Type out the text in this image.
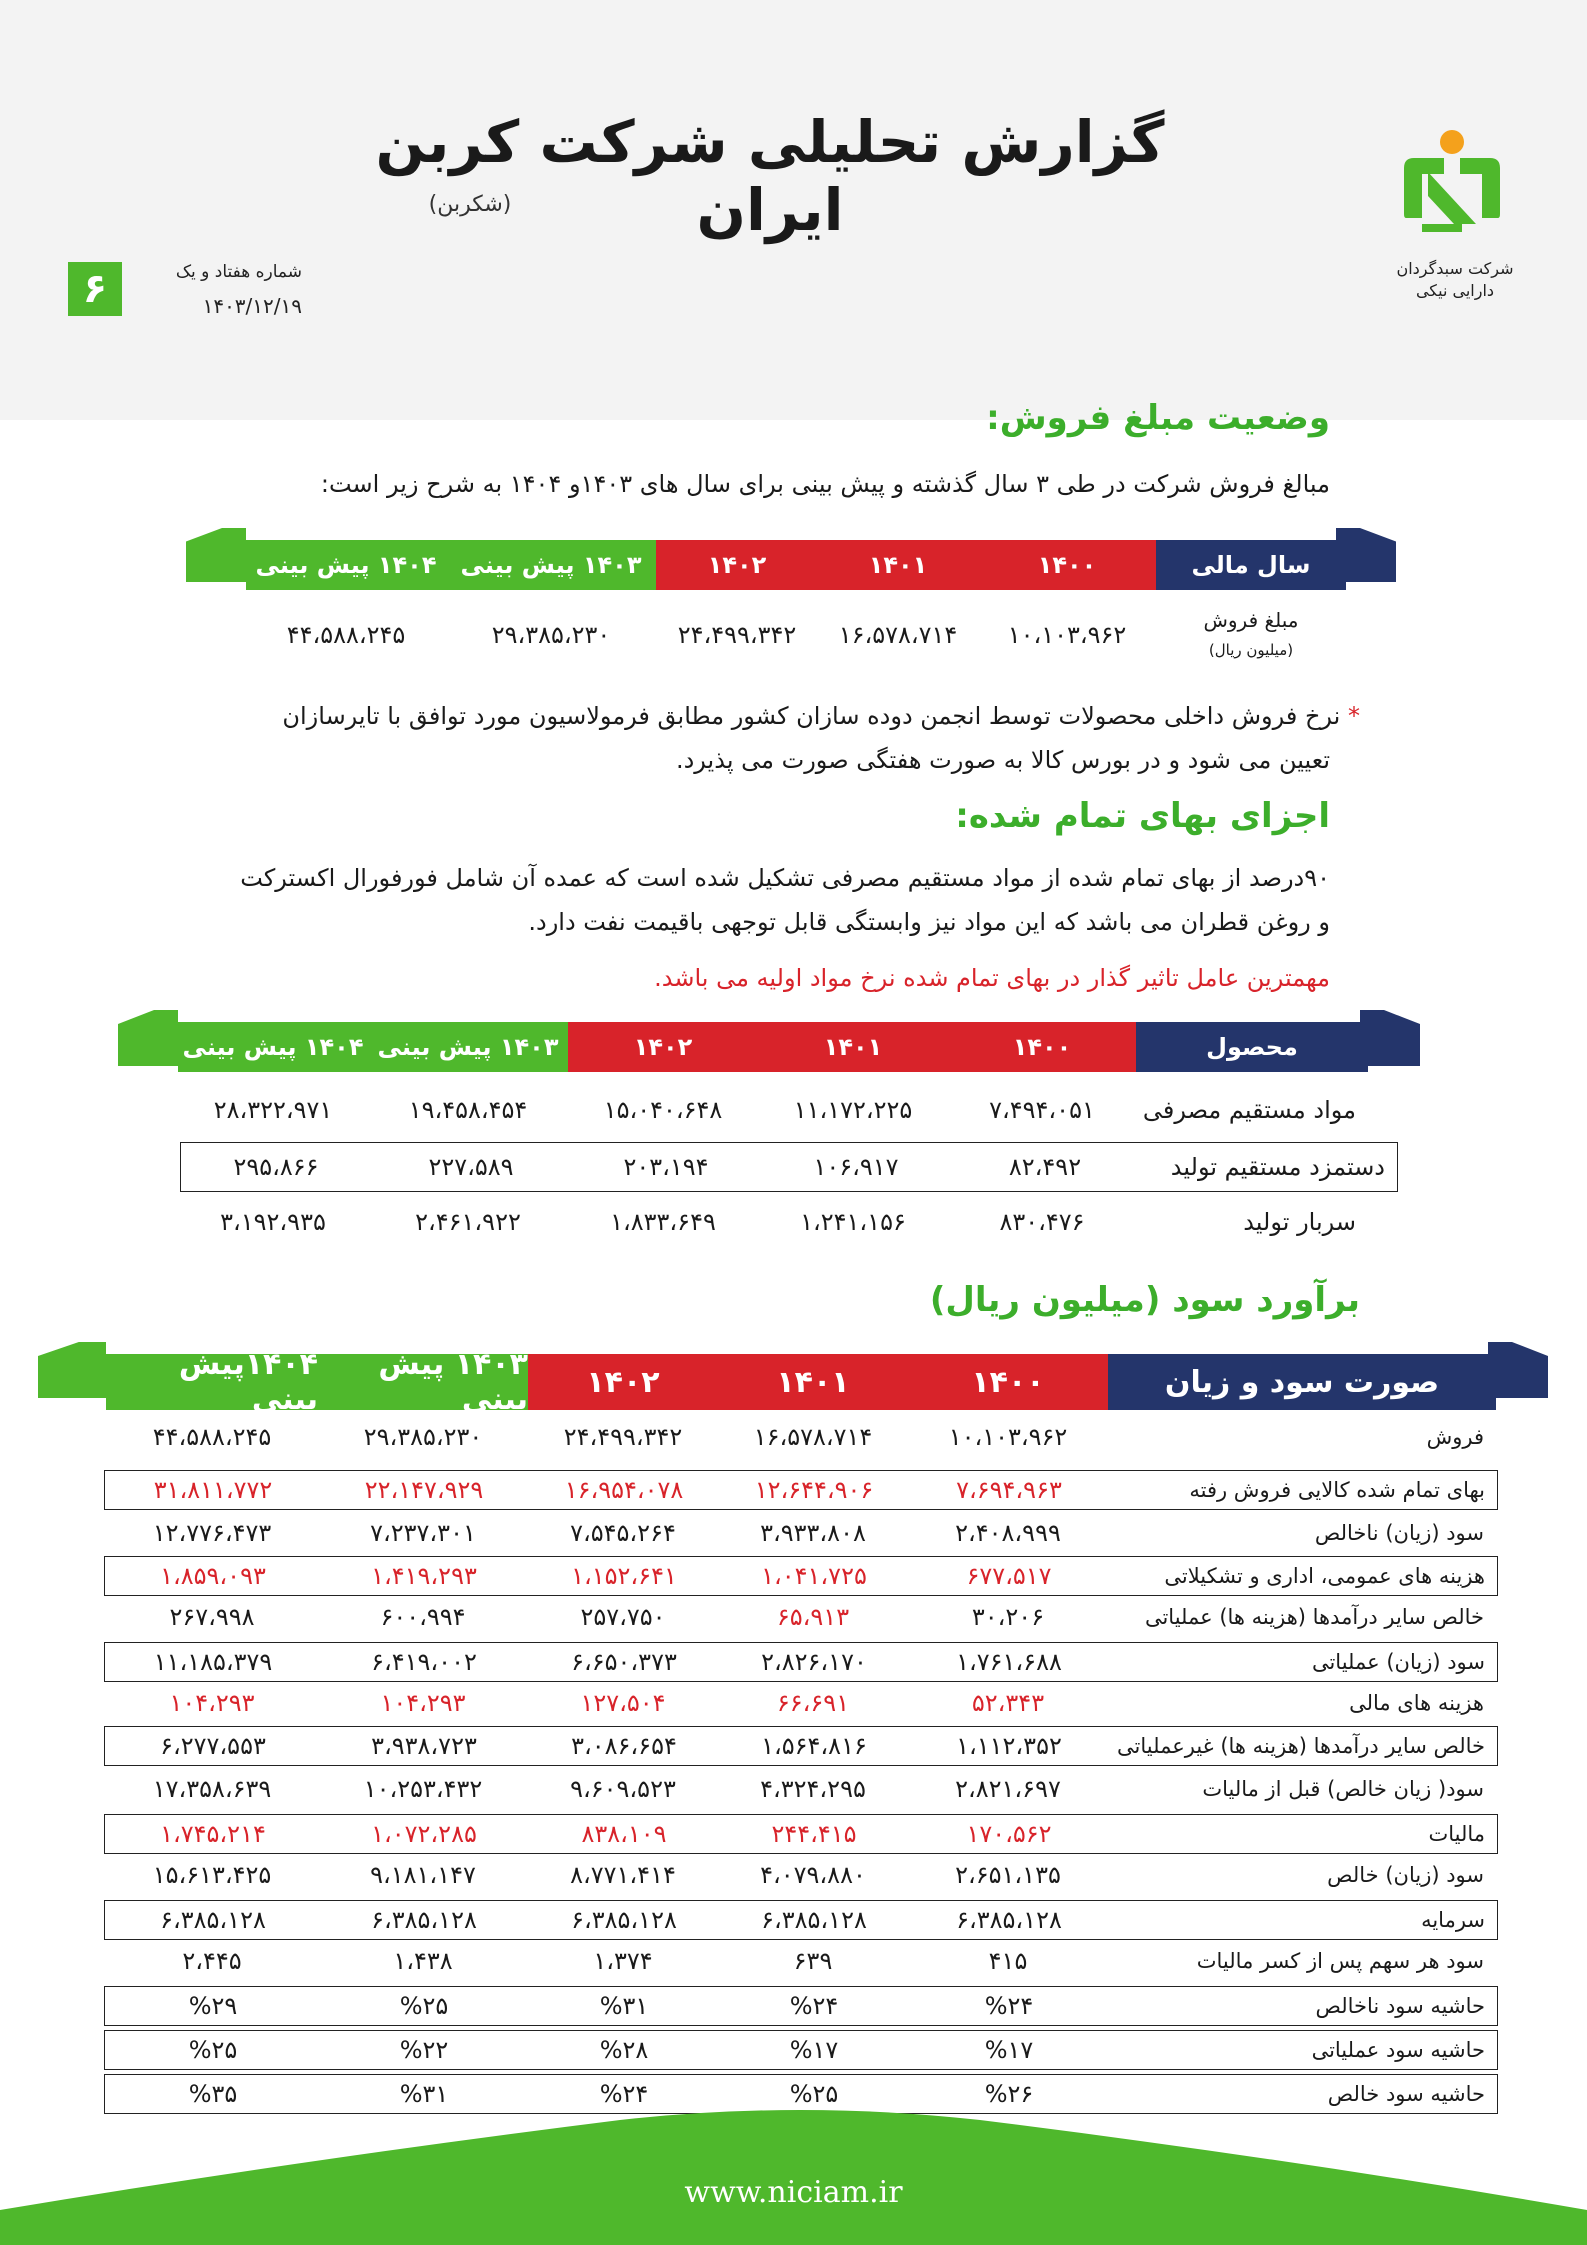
گزارش تحلیلی شرکت کربن ایران
(شکربن)
۶	شماره هفتاد و یک
۱۴۰۳/۱۲/۱۹
شرکت سبدگردان
دارایی نیکی
وضعیت مبلغ فروش:
مبالغ فروش شرکت در طی ۳ سال گذشته و پیش بینی برای سال های ۱۴۰۳و ۱۴۰۴ به شرح زیر است:
سال مالی
۱۴۰۰
۱۴۰۱
۱۴۰۲
۱۴۰۳ پیش بینی
۱۴۰۴ پیش بینی
مبلغ فروش
(میلیون ریال)
۱۰،۱۰۳،۹۶۲
۱۶،۵۷۸،۷۱۴
۲۴،۴۹۹،۳۴۲
۲۹،۳۸۵،۲۳۰
۴۴،۵۸۸،۲۴۵
* نرخ فروش داخلی محصولات توسط انجمن دوده سازان کشور مطابق فرمولاسیون مورد توافق با تایرسازان
تعیین می شود و در بورس کالا به صورت هفتگی صورت می پذیرد.
اجزای بهای تمام شده:
۹۰درصد از بهای تمام شده از مواد مستقیم مصرفی تشکیل شده است که عمده آن شامل فورفورال اکسترکت
و روغن قطران می باشد که این مواد نیز وابستگی قابل توجهی باقیمت نفت دارد.
مهمترین عامل تاثیر گذار در بهای تمام شده نرخ مواد اولیه می باشد.
محصول
۱۴۰۰
۱۴۰۱
۱۴۰۲
۱۴۰۳ پیش بینی
۱۴۰۴ پیش بینی
مواد مستقیم مصرفی
۷،۴۹۴،۰۵۱
۱۱،۱۷۲،۲۲۵
۱۵،۰۴۰،۶۴۸
۱۹،۴۵۸،۴۵۴
۲۸،۳۲۲،۹۷۱
دستمزد مستقیم تولید
۸۲،۴۹۲
۱۰۶،۹۱۷
۲۰۳،۱۹۴
۲۲۷،۵۸۹
۲۹۵،۸۶۶
سربار تولید
۸۳۰،۴۷۶
۱،۲۴۱،۱۵۶
۱،۸۳۳،۶۴۹
۲،۴۶۱،۹۲۲
۳،۱۹۲،۹۳۵
برآورد سود (میلیون ریال)
صورت سود و زیان
۱۴۰۰
۱۴۰۱
۱۴۰۲
۱۴۰۳ پیش بینی
۱۴۰۴پیش بینی
فروش
۱۰،۱۰۳،۹۶۲
۱۶،۵۷۸،۷۱۴
۲۴،۴۹۹،۳۴۲
۲۹،۳۸۵،۲۳۰
۴۴،۵۸۸،۲۴۵
بهای تمام شده کالایی فروش رفته
۷،۶۹۴،۹۶۳
۱۲،۶۴۴،۹۰۶
۱۶،۹۵۴،۰۷۸
۲۲،۱۴۷،۹۲۹
۳۱،۸۱۱،۷۷۲
سود (زیان) ناخالص
۲،۴۰۸،۹۹۹
۳،۹۳۳،۸۰۸
۷،۵۴۵،۲۶۴
۷،۲۳۷،۳۰۱
۱۲،۷۷۶،۴۷۳
هزینه های عمومی، اداری و تشکیلاتی
۶۷۷،۵۱۷
۱،۰۴۱،۷۲۵
۱،۱۵۲،۶۴۱
۱،۴۱۹،۲۹۳
۱،۸۵۹،۰۹۳
خالص سایر درآمدها (هزینه ها) عملیاتی
۳۰،۲۰۶
۶۵،۹۱۳
۲۵۷،۷۵۰
۶۰۰،۹۹۴
۲۶۷،۹۹۸
سود (زیان) عملیاتی
۱،۷۶۱،۶۸۸
۲،۸۲۶،۱۷۰
۶،۶۵۰،۳۷۳
۶،۴۱۹،۰۰۲
۱۱،۱۸۵،۳۷۹
هزینه های مالی
۵۲،۳۴۳
۶۶،۶۹۱
۱۲۷،۵۰۴
۱۰۴،۲۹۳
۱۰۴،۲۹۳
خالص سایر درآمدها (هزینه ها) غیرعملیاتی
۱،۱۱۲،۳۵۲
۱،۵۶۴،۸۱۶
۳،۰۸۶،۶۵۴
۳،۹۳۸،۷۲۳
۶،۲۷۷،۵۵۳
سود( زیان خالص) قبل از مالیات
۲،۸۲۱،۶۹۷
۴،۳۲۴،۲۹۵
۹،۶۰۹،۵۲۳
۱۰،۲۵۳،۴۳۲
۱۷،۳۵۸،۶۳۹
مالیات
۱۷۰،۵۶۲
۲۴۴،۴۱۵
۸۳۸،۱۰۹
۱،۰۷۲،۲۸۵
۱،۷۴۵،۲۱۴
سود (زیان) خالص
۲،۶۵۱،۱۳۵
۴،۰۷۹،۸۸۰
۸،۷۷۱،۴۱۴
۹،۱۸۱،۱۴۷
۱۵،۶۱۳،۴۲۵
سرمایه
۶،۳۸۵،۱۲۸
۶،۳۸۵،۱۲۸
۶،۳۸۵،۱۲۸
۶،۳۸۵،۱۲۸
۶،۳۸۵،۱۲۸
سود هر سهم پس از کسر مالیات
۴۱۵
۶۳۹
۱،۳۷۴
۱،۴۳۸
۲،۴۴۵
حاشیه سود ناخالص
%۲۴
%۲۴
%۳۱
%۲۵
%۲۹
حاشیه سود عملیاتی
%۱۷
%۱۷
%۲۸
%۲۲
%۲۵
حاشیه سود خالص
%۲۶
%۲۵
%۲۴
%۳۱
%۳۵
www.niciam.ir
